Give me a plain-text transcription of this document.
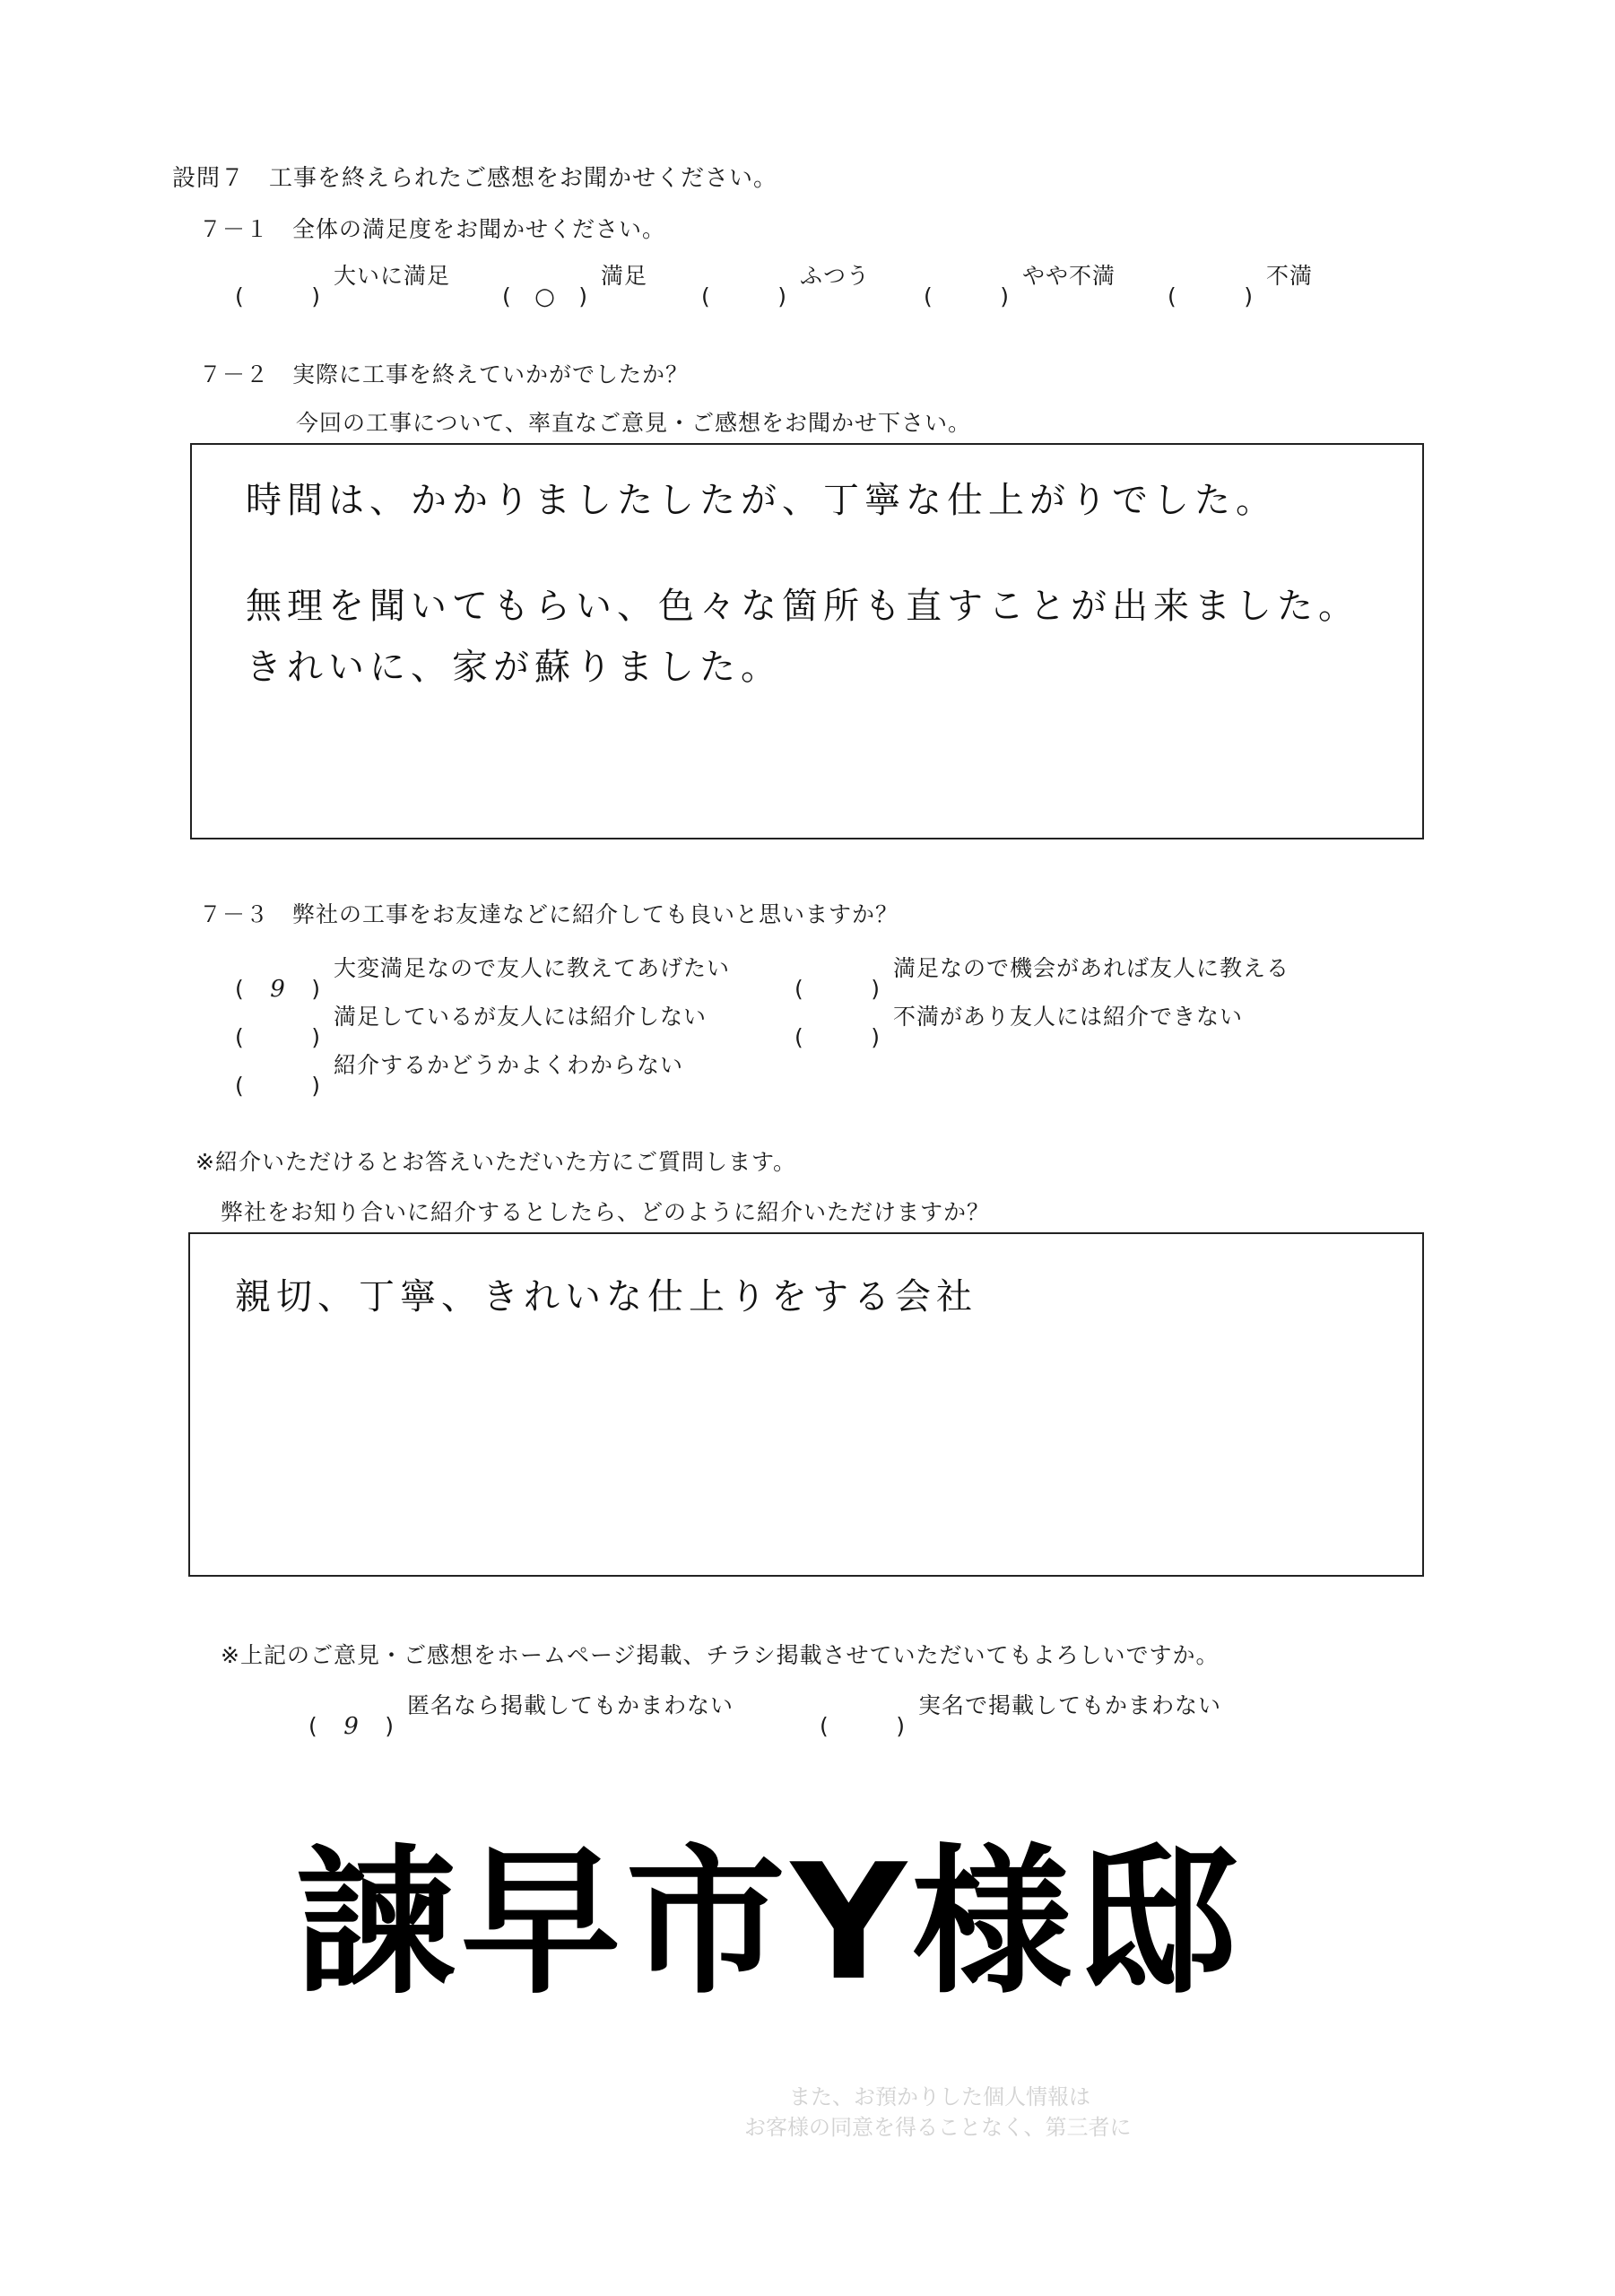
設問７　工事を終えられたご感想をお聞かせください。
７－１　全体の満足度をお聞かせください。
(	)
大いに満足
( ○	)
満足
(	)
ふつう
(	)
やや不満
(	)
不満
７－２　実際に工事を終えていかがでしたか？
今回の工事について、率直なご意見・ご感想をお聞かせ下さい。
時間は、かかりましたしたが、丁寧な仕上がりでした。
無理を聞いてもらい、色々な箇所も直すことが出来ました。
きれいに、家が蘇りました。
７－３　弊社の工事をお友達などに紹介しても良いと思いますか？
(	9	)
大変満足なので友人に教えてあげたい
(	)
満足なので機会があれば友人に教える
(	)
満足しているが友人には紹介しない
(	)
不満があり友人には紹介できない
(	)
紹介するかどうかよくわからない
※紹介いただけるとお答えいただいた方にご質問します。
弊社をお知り合いに紹介するとしたら、どのように紹介いただけますか？
親切、丁寧、きれいな仕上りをする会社
※上記のご意見・ご感想をホームページ掲載、チラシ掲載させていただいてもよろしいですか。
(	9	)
匿名なら掲載してもかまわない
(	)
実名で掲載してもかまわない
諫早市Y様邸
また、お預かりした個人情報は
お客様の同意を得ることなく、第三者に
